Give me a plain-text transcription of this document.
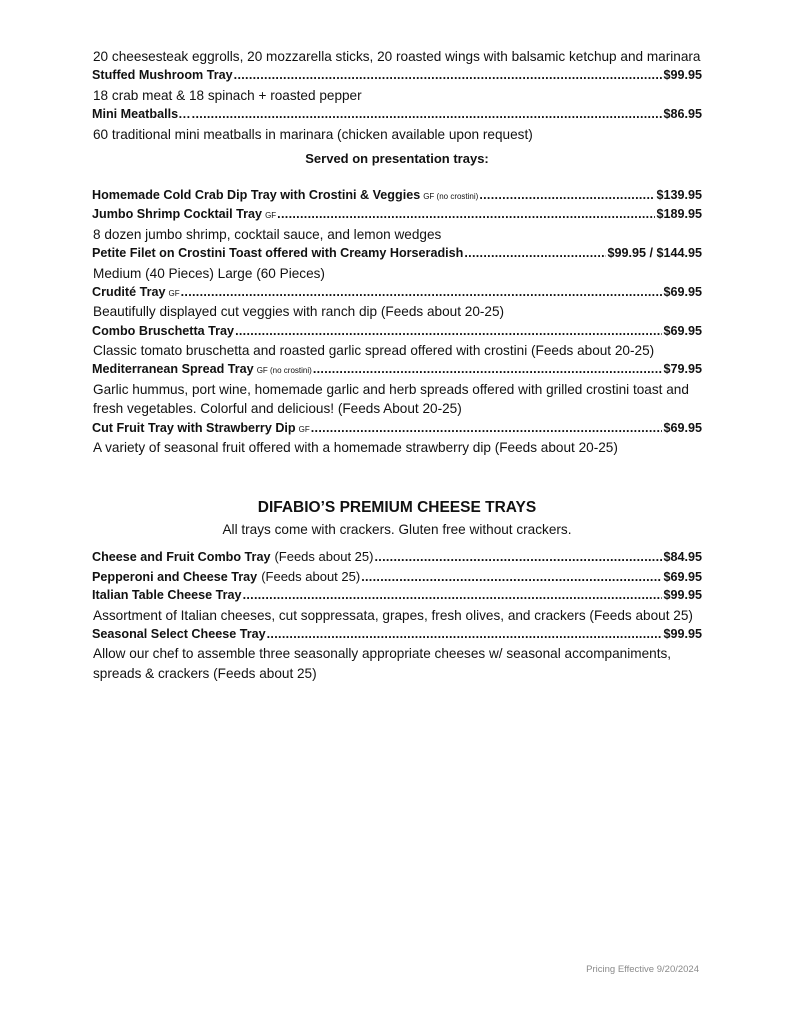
20 cheesesteak eggrolls, 20 mozzarella sticks, 20 roasted wings with balsamic ketchup and marinara
Stuffed Mushroom Tray .....	$99.95
18 crab meat & 18 spinach + roasted pepper
Mini Meatballs… .....	$86.95
60 traditional mini meatballs in marinara (chicken available upon request)
Served on presentation trays:
Homemade Cold Crab Dip Tray with Crostini & Veggies GF (no crostini) .....	$139.95
Jumbo Shrimp Cocktail Tray GF .....	$189.95
8 dozen jumbo shrimp, cocktail sauce, and lemon wedges
Petite Filet on Crostini Toast offered with Creamy Horseradish .....	$99.95 / $144.95
Medium (40 Pieces) Large (60 Pieces)
Crudité Tray GF .....	$69.95
Beautifully displayed cut veggies with ranch dip (Feeds about 20-25)
Combo Bruschetta Tray .....	$69.95
Classic tomato bruschetta and roasted garlic spread offered with crostini (Feeds about 20-25)
Mediterranean Spread Tray GF (no crostini) .....	$79.95
Garlic hummus, port wine, homemade garlic and herb spreads offered with grilled crostini toast and fresh vegetables. Colorful and delicious! (Feeds About 20-25)
Cut Fruit Tray with Strawberry Dip GF .....	$69.95
A variety of seasonal fruit offered with a homemade strawberry dip (Feeds about 20-25)
DIFABIO’S PREMIUM CHEESE TRAYS
All trays come with crackers. Gluten free without crackers.
Cheese and Fruit Combo Tray (Feeds about 25) .....	$84.95
Pepperoni and Cheese Tray (Feeds about 25) .....	$69.95
Italian Table Cheese Tray .....	$99.95
Assortment of Italian cheeses, cut soppressata, grapes, fresh olives, and crackers (Feeds about 25)
Seasonal Select Cheese Tray .....	$99.95
Allow our chef to assemble three seasonally appropriate cheeses w/ seasonal accompaniments, spreads & crackers (Feeds about 25)
Pricing Effective 9/20/2024
